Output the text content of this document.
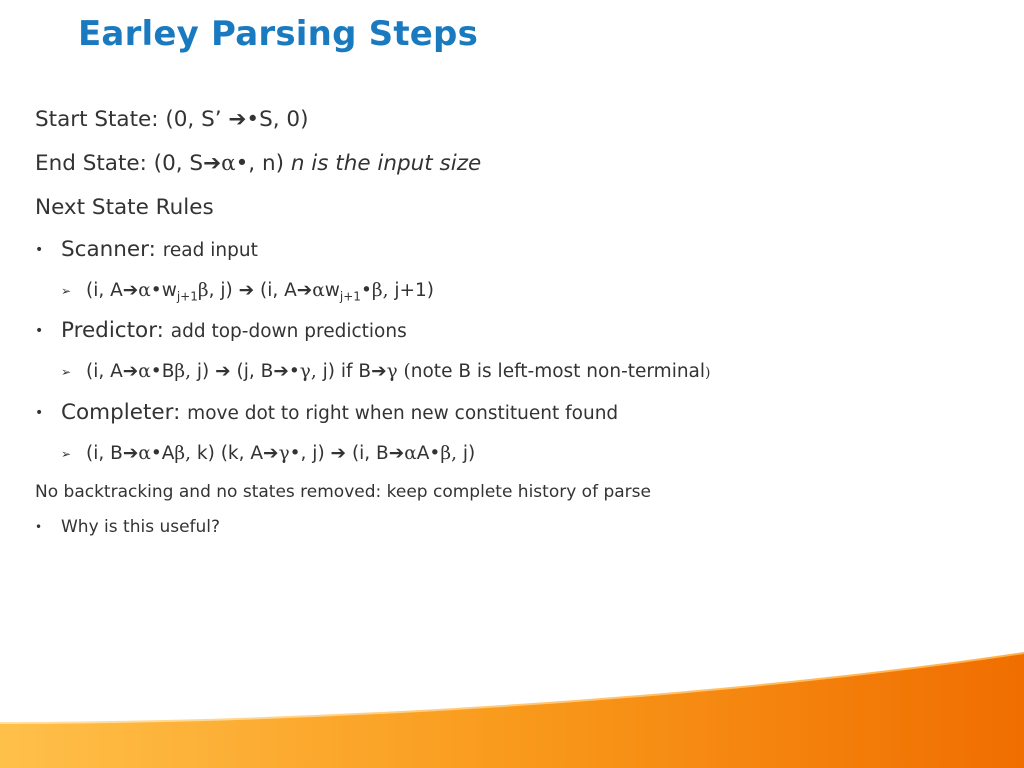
Earley Parsing Steps
Start State: (0, S’ ➔•S, 0)
End State: (0, S➔α•, n) n is the input size
Next State Rules
• Scanner: read input
➢ (i, $A➔\alpha•w_{j+1}\beta$, j) ➔ (i, $A➔\alpha w_{j+1}•\beta$, j+1)
• Predictor: add top-down predictions
➢ (i, A➔α•Bβ, j) ➔ (j, B➔•γ, j) if B➔γ (note B is left-most non-terminal)
• Completer: move dot to right when new constituent found
➢ (i, B➔α•Aβ, k) (k, A➔γ•, j) ➔ (i, B➔αA•β, j)
No backtracking and no states removed: keep complete history of parse
• Why is this useful?
